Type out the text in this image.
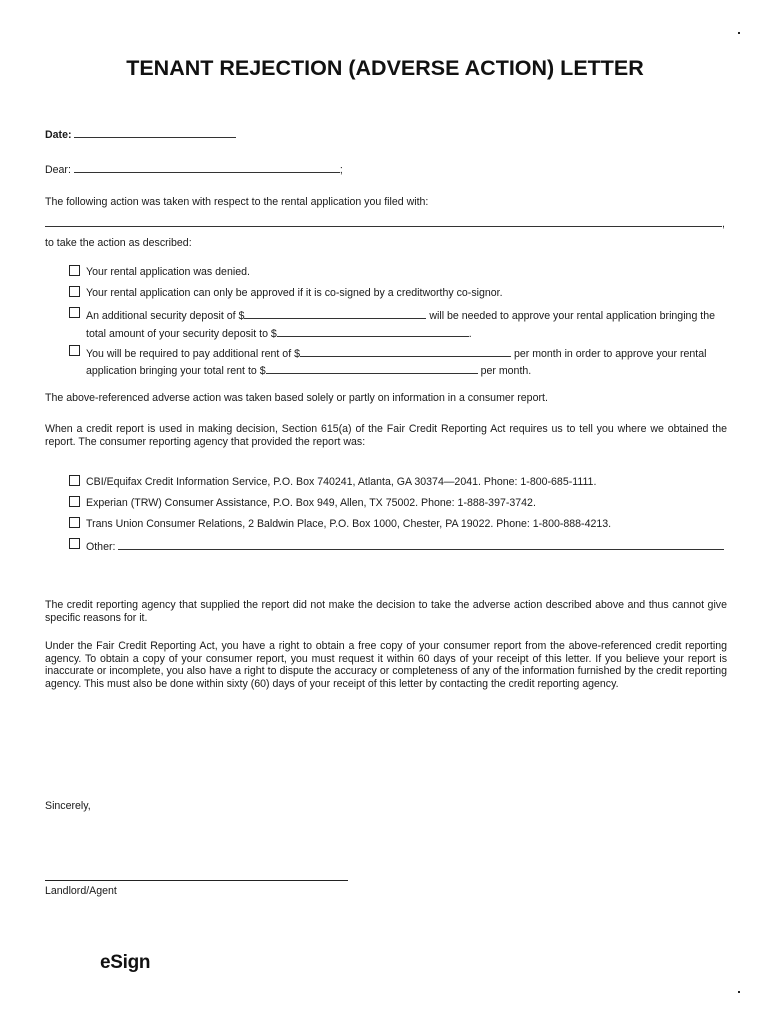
TENANT REJECTION (ADVERSE ACTION) LETTER
Date:
Dear:	;
The following action was taken with respect to the rental application you filed with:
,
to take the action as described:
Your rental application was denied.
Your rental application can only be approved if it is co-signed by a creditworthy co-signor.
An additional security deposit of $	will be needed to approve your rental application bringing the
total amount of your security deposit to $	.
You will be required to pay additional rent of $	per month in order to approve your rental
application bringing your total rent to $	per month.
The above-referenced adverse action was taken based solely or partly on information in a consumer report.
When a credit report is used in making decision, Section 615(a) of the Fair Credit Reporting Act requires us to tell you where we obtained the report. The consumer reporting agency that provided the report was:
CBI/Equifax Credit Information Service, P.O. Box 740241, Atlanta, GA 30374—2041. Phone: 1-800-685-1111.
Experian (TRW) Consumer Assistance, P.O. Box 949, Allen, TX 75002. Phone: 1-888-397-3742.
Trans Union Consumer Relations, 2 Baldwin Place, P.O. Box 1000, Chester, PA 19022. Phone: 1-800-888-4213.
Other:
The credit reporting agency that supplied the report did not make the decision to take the adverse action described above and thus cannot give specific reasons for it.
Under the Fair Credit Reporting Act, you have a right to obtain a free copy of your consumer report from the above-referenced credit reporting agency. To obtain a copy of your consumer report, you must request it within 60 days of your receipt of this letter. If you believe your report is inaccurate or incomplete, you also have a right to dispute the accuracy or completeness of any of the information furnished by the credit reporting agency. This must also be done within sixty (60) days of your receipt of this letter by contacting the credit reporting agency.
Sincerely,
Landlord/Agent
eSign
